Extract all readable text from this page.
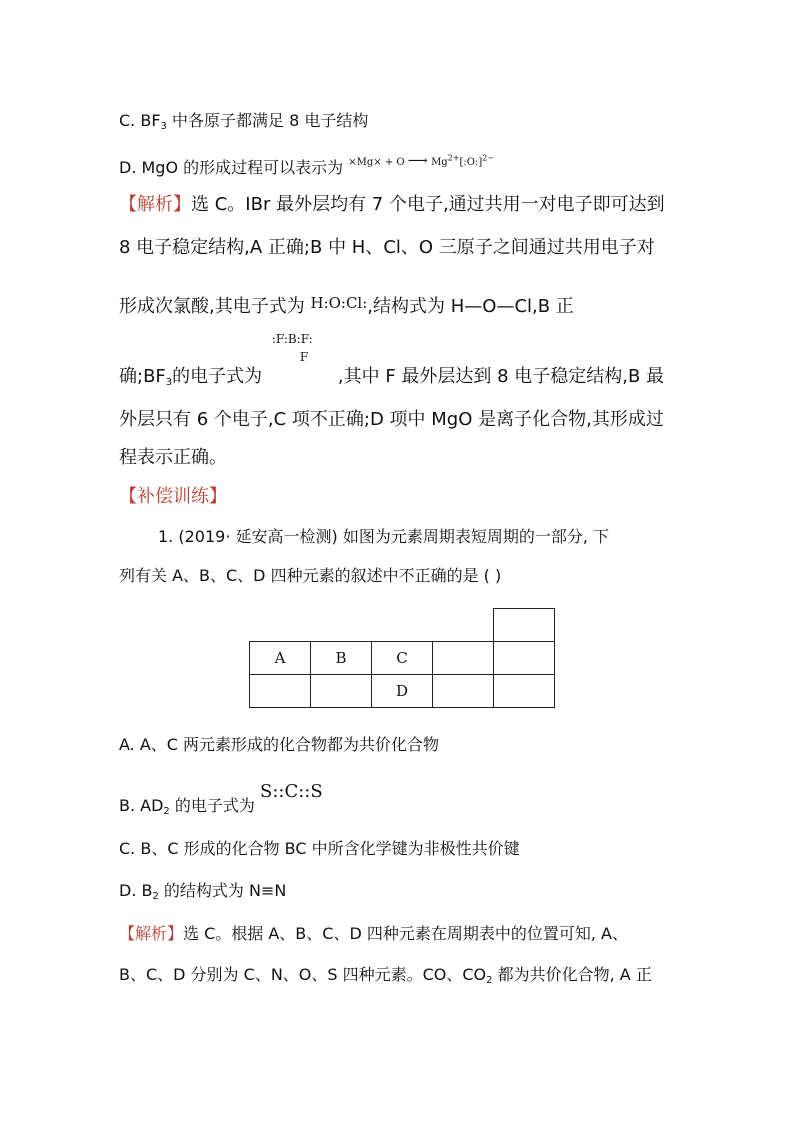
C. $BF_3$ 中各原子都满足 8 电子结构
D. MgO 的形成过程可以表示为 ×Mg× + O ⟶ $Mg^{2+}[:O:]^{2-}$
【解析】选 C。IBr 最外层均有 7 个电子,通过共用一对电子即可达到
8 电子稳定结构,A 正确;B 中 H、Cl、O 三原子之间通过共用电子对
形成次氯酸,其电子式为 H:O:Cl:,结构式为 H—O—Cl,B 正
确$;BF_3$的电子式为
:F:B:F:
F
,其中 F 最外层达到 8 电子稳定结构,B 最
外层只有 6 个电子,C 项不正确;D 项中 MgO 是离子化合物,其形成过
程表示正确。
【补偿训练】
1. (2019· 延安高一检测) 如图为元素周期表短周期的一部分, 下
列有关 A、B、C、D 四种元素的叙述中不正确的是 ( )

A	B	C		
		D		
A. A、C 两元素形成的化合物都为共价化合物
B. $AD_2$ 的电子式为 S::C::S
C. B、C 形成的化合物 BC 中所含化学键为非极性共价键
D. $B_2$ 的结构式为 N≡N
【解析】选 C。根据 A、B、C、D 四种元素在周期表中的位置可知, A、
B、C、D 分别为 C、N、O、S 四种元素。CO、$CO_2$ 都为共价化合物, A 正
